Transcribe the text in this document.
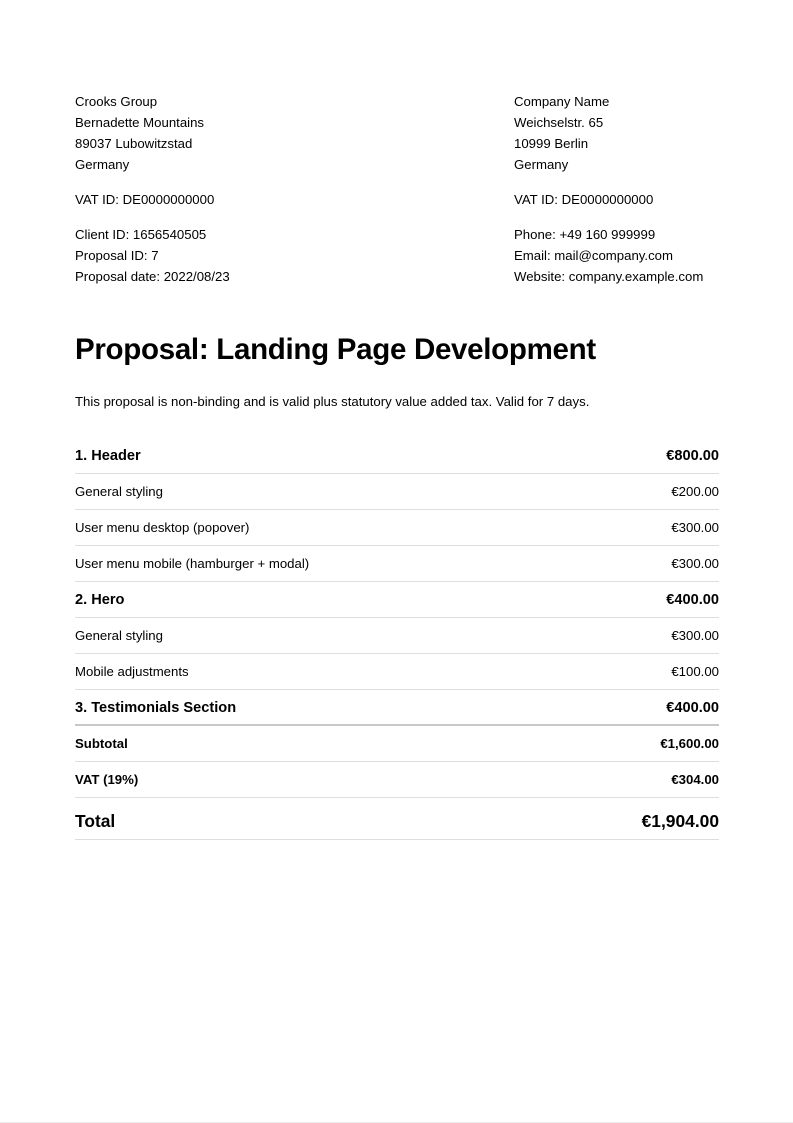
Crooks Group
Bernadette Mountains
89037 Lubowitzstad
Germany
VAT ID: DE0000000000
Client ID: 1656540505
Proposal ID: 7
Proposal date: 2022/08/23
Company Name
Weichselstr. 65
10999 Berlin
Germany
VAT ID: DE0000000000
Phone: +49 160 999999
Email: mail@company.com
Website: company.example.com
Proposal: Landing Page Development

This proposal is non-binding and is valid plus statutory value added tax. Valid for 7 days.

1. Header	€800.00
General styling	€200.00
User menu desktop (popover)	€300.00
User menu mobile (hamburger + modal)	€300.00
2. Hero	€400.00
General styling	€300.00
Mobile adjustments	€100.00
3. Testimonials Section	€400.00
Subtotal	€1,600.00
VAT (19%)	€304.00
Total	€1,904.00
